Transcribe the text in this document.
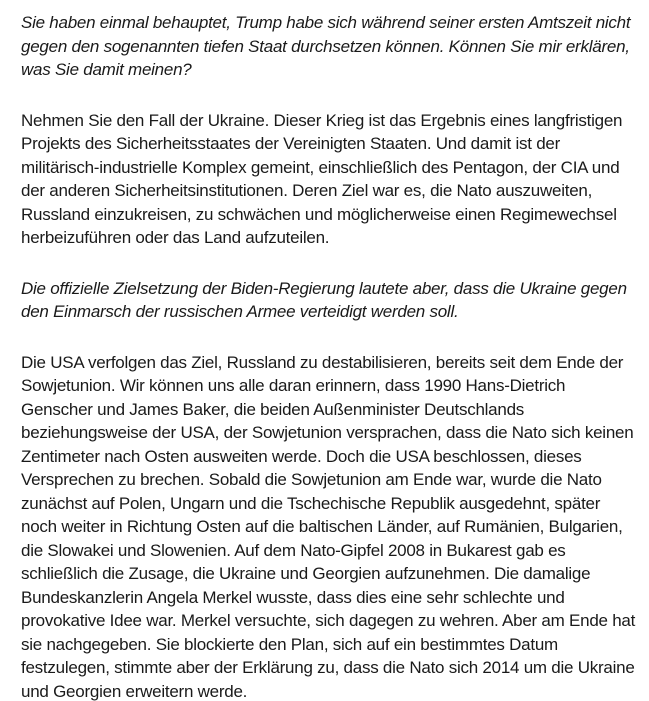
Sie haben einmal behauptet, Trump habe sich während seiner ersten Amtszeit nicht gegen den sogenannten tiefen Staat durchsetzen können. Können Sie mir erklären, was Sie damit meinen?

Nehmen Sie den Fall der Ukraine. Dieser Krieg ist das Ergebnis eines langfristigen Projekts des Sicherheitsstaates der Vereinigten Staaten. Und damit ist der militärisch-industrielle Komplex gemeint, einschließlich des Pentagon, der CIA und der anderen Sicherheitsinstitutionen. Deren Ziel war es, die Nato auszuweiten, Russland einzukreisen, zu schwächen und möglicherweise einen Regimewechsel herbeizuführen oder das Land aufzuteilen.

Die offizielle Zielsetzung der Biden-Regierung lautete aber, dass die Ukraine gegen den Einmarsch der russischen Armee verteidigt werden soll.

Die USA verfolgen das Ziel, Russland zu destabilisieren, bereits seit dem Ende der Sowjetunion. Wir können uns alle daran erinnern, dass 1990 Hans-Dietrich Genscher und James Baker, die beiden Außenminister Deutschlands beziehungsweise der USA, der Sowjetunion versprachen, dass die Nato sich keinen Zentimeter nach Osten ausweiten werde. Doch die USA beschlossen, dieses Versprechen zu brechen. Sobald die Sowjetunion am Ende war, wurde die Nato zunächst auf Polen, Ungarn und die Tschechische Republik ausgedehnt, später noch weiter in Richtung Osten auf die baltischen Länder, auf Rumänien, Bulgarien, die Slowakei und Slowenien. Auf dem Nato-Gipfel 2008 in Bukarest gab es schließlich die Zusage, die Ukraine und Georgien aufzunehmen. Die damalige Bundeskanzlerin Angela Merkel wusste, dass dies eine sehr schlechte und provokative Idee war. Merkel versuchte, sich dagegen zu wehren. Aber am Ende hat sie nachgegeben. Sie blockierte den Plan, sich auf ein bestimmtes Datum festzulegen, stimmte aber der Erklärung zu, dass die Nato sich 2014 um die Ukraine und Georgien erweitern werde.
